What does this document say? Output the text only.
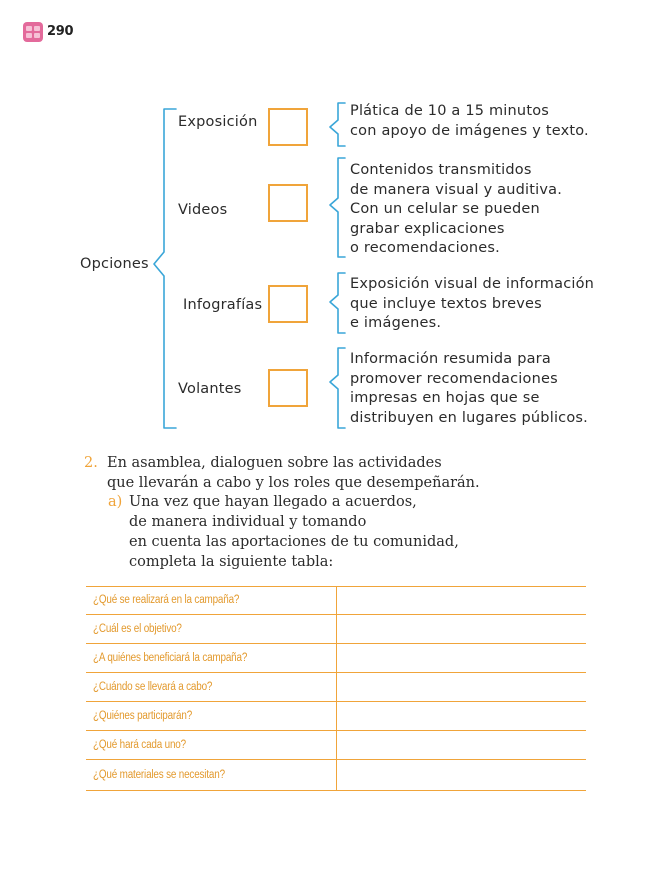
290
Opciones
Exposición
Plática de 10 a 15 minutos
con apoyo de imágenes y texto.
Videos
Contenidos transmitidos
de manera visual y auditiva.
Con un celular se pueden
grabar explicaciones
o recomendaciones.
Infografías
Exposición visual de información
que incluye textos breves
e imágenes.
Volantes
Información resumida para
promover recomendaciones
impresas en hojas que se
distribuyen en lugares públicos.
2. En asamblea, dialoguen sobre las actividades
que llevarán a cabo y los roles que desempeñarán.
a) Una vez que hayan llegado a acuerdos,
de manera individual y tomando
en cuenta las aportaciones de tu comunidad,
completa la siguiente tabla:
¿Qué se realizará en la campaña?
¿Cuál es el objetivo?
¿A quiénes beneficiará la campaña?
¿Cuándo se llevará a cabo?
¿Quiénes participarán?
¿Qué hará cada uno?
¿Qué materiales se necesitan?
